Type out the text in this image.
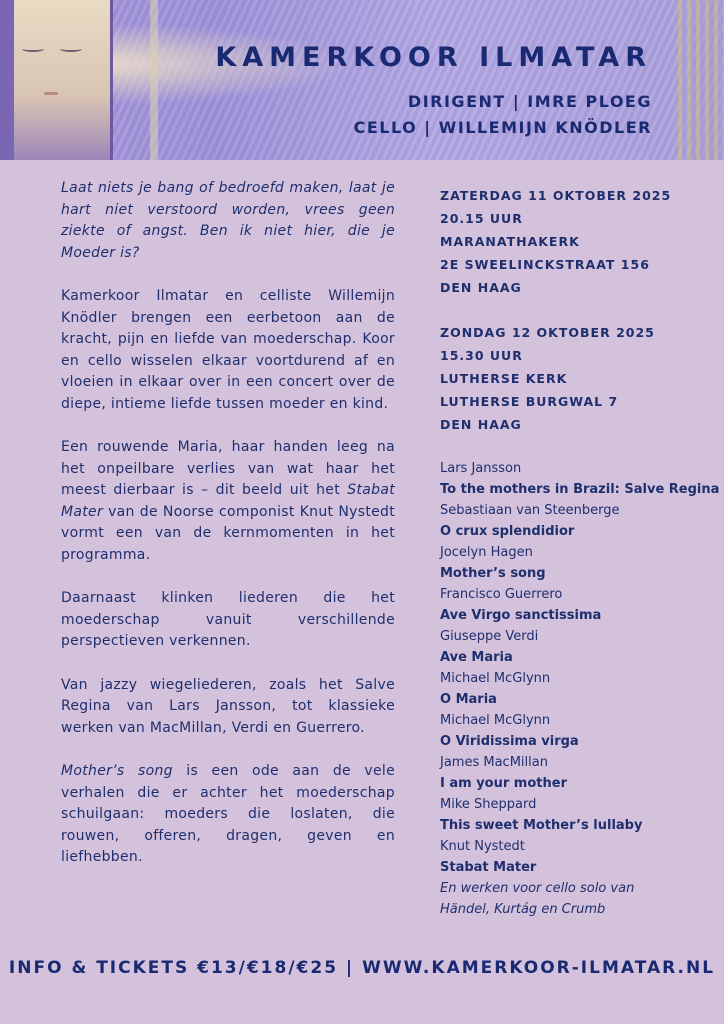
KAMERKOOR ILMATAR
DIRIGENT | IMRE PLOEG
CELLO | WILLEMIJN KNÖDLER

Laat niets je bang of bedroefd maken, laat je hart niet verstoord worden, vrees geen ziekte of angst. Ben ik niet hier, die je Moeder is?

Kamerkoor Ilmatar en celliste Willemijn Knödler brengen een eerbetoon aan de kracht, pijn en liefde van moederschap. Koor en cello wisselen elkaar voortdurend af en vloeien in elkaar over in een concert over de diepe, intieme liefde tussen moeder en kind.

Een rouwende Maria, haar handen leeg na het onpeilbare verlies van wat haar het meest dierbaar is – dit beeld uit het Stabat Mater van de Noorse componist Knut Nystedt vormt een van de kernmomenten in het programma.

Daarnaast klinken liederen die het moederschap vanuit verschillende perspectieven verkennen.

Van jazzy wiegeliederen, zoals het Salve Regina van Lars Jansson, tot klassieke werken van MacMillan, Verdi en Guerrero.

Mother’s song is een ode aan de vele verhalen die er achter het moederschap schuilgaan: moeders die loslaten, die rouwen, offeren, dragen, geven en liefhebben.

ZATERDAG 11 OKTOBER 2025
20.15 UUR
MARANATHAKERK
2E SWEELINCKSTRAAT 156
DEN HAAG
ZONDAG 12 OKTOBER 2025
15.30 UUR
LUTHERSE KERK
LUTHERSE BURGWAL 7
DEN HAAG
Lars Jansson
To the mothers in Brazil: Salve Regina
Sebastiaan van Steenberge
O crux splendidior
Jocelyn Hagen
Mother’s song
Francisco Guerrero
Ave Virgo sanctissima
Giuseppe Verdi
Ave Maria
Michael McGlynn
O Maria
Michael McGlynn
O Viridissima virga
James MacMillan
I am your mother
Mike Sheppard
This sweet Mother’s lullaby
Knut Nystedt
Stabat Mater
En werken voor cello solo van
Händel, Kurtág en Crumb
INFO & TICKETS €13/€18/€25 | WWW.KAMERKOOR-ILMATAR.NL
